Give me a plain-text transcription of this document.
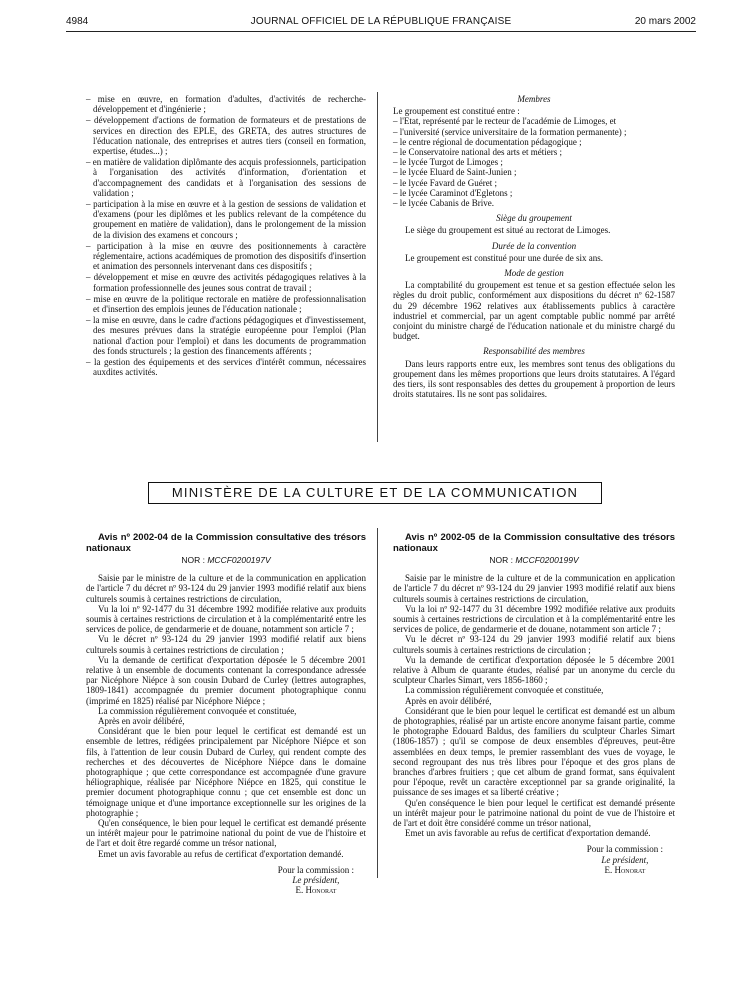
4984	JOURNAL OFFICIEL DE LA RÉPUBLIQUE FRANÇAISE	20 mars 2002
– mise en œuvre, en formation d'adultes, d'activités de recherche-développement et d'ingénierie ;
– développement d'actions de formation de formateurs et de prestations de services en direction des EPLE, des GRETA, des autres structures de l'éducation nationale, des entreprises et autres tiers (conseil en formation, expertise, études...) ;
– en matière de validation diplômante des acquis professionnels, participation à l'organisation des activités d'information, d'orientation et d'accompagnement des candidats et à l'organisation des sessions de validation ;
– participation à la mise en œuvre et à la gestion de sessions de validation et d'examens (pour les diplômes et les publics relevant de la compétence du groupement en matière de validation), dans le prolongement de la mission de la division des examens et concours ;
– participation à la mise en œuvre des positionnements à caractère réglementaire, actions académiques de promotion des dispositifs d'insertion et animation des personnels intervenant dans ces dispositifs ;
– développement et mise en œuvre des activités pédagogiques relatives à la formation professionnelle des jeunes sous contrat de travail ;
– mise en œuvre de la politique rectorale en matière de professionnalisation et d'insertion des emplois jeunes de l'éducation nationale ;
– la mise en œuvre, dans le cadre d'actions pédagogiques et d'investissement, des mesures prévues dans la stratégie européenne pour l'emploi (Plan national d'action pour l'emploi) et dans les documents de programmation des fonds structurels ; la gestion des financements afférents ;
– la gestion des équipements et des services d'intérêt commun, nécessaires auxdites activités.
Membres

Le groupement est constitué entre :

– l'Etat, représenté par le recteur de l'académie de Limoges, et
– l'université (service universitaire de la formation permanente) ;
– le centre régional de documentation pédagogique ;
– le Conservatoire national des arts et métiers ;
– le lycée Turgot de Limoges ;
– le lycée Eluard de Saint-Junien ;
– le lycée Favard de Guéret ;
– le lycée Caraminot d'Egletons ;
– le lycée Cabanis de Brive.
Siège du groupement

Le siège du groupement est situé au rectorat de Limoges.

Durée de la convention

Le groupement est constitué pour une durée de six ans.

Mode de gestion

La comptabilité du groupement est tenue et sa gestion effectuée selon les règles du droit public, conformément aux dispositions du décret nº 62-1587 du 29 décembre 1962 relatives aux établissements publics à caractère industriel et commercial, par un agent comptable public nommé par arrêté conjoint du ministre chargé de l'éducation nationale et du ministre chargé du budget.

Responsabilité des membres

Dans leurs rapports entre eux, les membres sont tenus des obligations du groupement dans les mêmes proportions que leurs droits statutaires. A l'égard des tiers, ils sont responsables des dettes du groupement à proportion de leurs droits statutaires. Ils ne sont pas solidaires.

MINISTÈRE DE LA CULTURE ET DE LA COMMUNICATION

Avis nº 2002-04 de la Commission consultative des trésors nationaux

NOR : MCCF0200197V

Saisie par le ministre de la culture et de la communication en application de l'article 7 du décret nº 93-124 du 29 janvier 1993 modifié relatif aux biens culturels soumis à certaines restrictions de circulation,

Vu la loi nº 92-1477 du 31 décembre 1992 modifiée relative aux produits soumis à certaines restrictions de circulation et à la complémentarité entre les services de police, de gendarmerie et de douane, notamment son article 7 ;

Vu le décret nº 93-124 du 29 janvier 1993 modifié relatif aux biens culturels soumis à certaines restrictions de circulation ;

Vu la demande de certificat d'exportation déposée le 5 décembre 2001 relative à un ensemble de documents contenant la correspondance adressée par Nicéphore Niépce à son cousin Dubard de Curley (lettres autographes, 1809-1841) accompagnée du premier document photographique connu (imprimé en 1825) réalisé par Nicéphore Niépce ;

La commission régulièrement convoquée et constituée,

Après en avoir délibéré,

Considérant que le bien pour lequel le certificat est demandé est un ensemble de lettres, rédigées principalement par Nicéphore Niépce et son fils, à l'attention de leur cousin Dubard de Curley, qui rendent compte des recherches et des découvertes de Nicéphore Niépce dans le domaine photographique ; que cette correspondance est accompagnée d'une gravure héliographique, réalisée par Nicéphore Niépce en 1825, qui constitue le premier document photographique connu ; que cet ensemble est donc un témoignage unique et d'une importance exceptionnelle sur les origines de la photographie ;

Qu'en conséquence, le bien pour lequel le certificat est demandé présente un intérêt majeur pour le patrimoine national du point de vue de l'histoire et de l'art et doit être regardé comme un trésor national,

Emet un avis favorable au refus de certificat d'exportation demandé.

Pour la commission :
Le président,
E. Honorat

Avis nº 2002-05 de la Commission consultative des trésors nationaux

NOR : MCCF0200199V

Saisie par le ministre de la culture et de la communication en application de l'article 7 du décret nº 93-124 du 29 janvier 1993 modifié relatif aux biens culturels soumis à certaines restrictions de circulation,

Vu la loi nº 92-1477 du 31 décembre 1992 modifiée relative aux produits soumis à certaines restrictions de circulation et à la complémentarité entre les services de police, de gendarmerie et de douane, notamment son article 7 ;

Vu le décret nº 93-124 du 29 janvier 1993 modifié relatif aux biens culturels soumis à certaines restrictions de circulation ;

Vu la demande de certificat d'exportation déposée le 5 décembre 2001 relative à Album de quarante études, réalisé par un anonyme du cercle du sculpteur Charles Simart, vers 1856-1860 ;

La commission régulièrement convoquée et constituée,

Après en avoir délibéré,

Considérant que le bien pour lequel le certificat est demandé est un album de photographies, réalisé par un artiste encore anonyme faisant partie, comme le photographe Edouard Baldus, des familiers du sculpteur Charles Simart (1806-1857) ; qu'il se compose de deux ensembles d'épreuves, peut-être assemblées en deux temps, le premier rassemblant des vues de voyage, le second regroupant des nus très libres pour l'époque et des gros plans de branches d'arbres fruitiers ; que cet album de grand format, sans équivalent pour l'époque, revêt un caractère exceptionnel par sa grande originalité, la puissance de ses images et sa liberté créative ;

Qu'en conséquence le bien pour lequel le certificat est demandé présente un intérêt majeur pour le patrimoine national du point de vue de l'histoire et de l'art et doit être considéré comme un trésor national,

Emet un avis favorable au refus de certificat d'exportation demandé.

Pour la commission :
Le président,
E. Honorat
